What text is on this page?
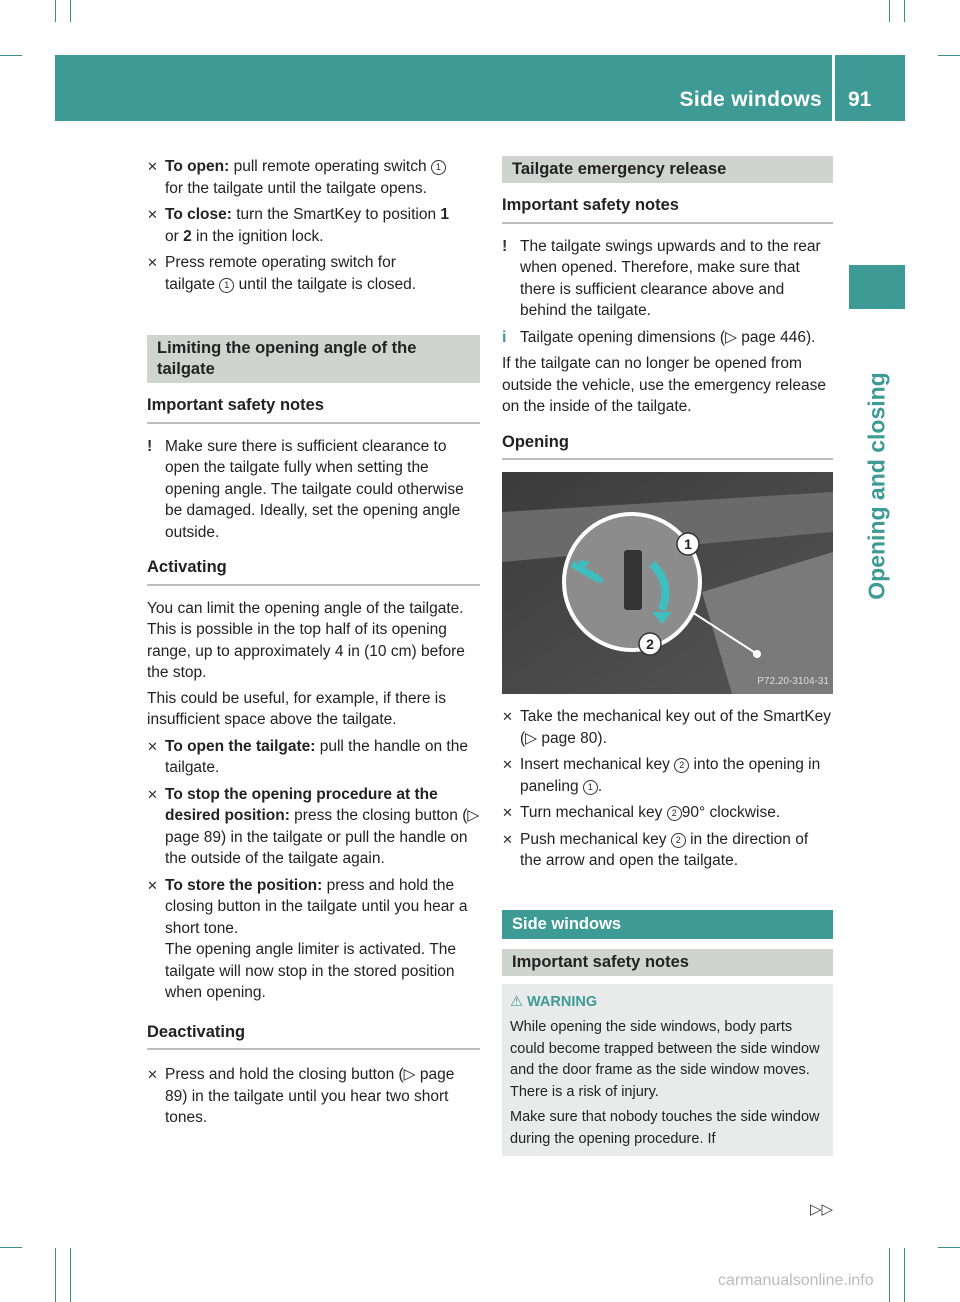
Side windows 91
Opening and closing
✕ To open: pull remote operating switch 1
for the tailgate until the tailgate opens.
✕ To close: turn the SmartKey to position 1
or 2 in the ignition lock.
✕ Press remote operating switch for
tailgate 1 until the tailgate is closed.
Limiting the opening angle of the tailgate
Important safety notes
! Make sure there is sufficient clearance to open the tailgate fully when setting the opening angle. The tailgate could otherwise be damaged. Ideally, set the opening angle outside.
Activating

You can limit the opening angle of the tailgate. This is possible in the top half of its opening range, up to approximately 4 in (10 cm) before the stop.

This could be useful, for example, if there is insufficient space above the tailgate.

✕ To open the tailgate: pull the handle on the tailgate.
✕ To stop the opening procedure at the desired position: press the closing button (▷ page 89) in the tailgate or pull the handle on the outside of the tailgate again.
✕ To store the position: press and hold the closing button in the tailgate until you hear a short tone.
The opening angle limiter is activated. The tailgate will now stop in the stored position when opening.
Deactivating
✕ Press and hold the closing button (▷ page 89) in the tailgate until you hear two short tones.
Tailgate emergency release
Important safety notes
! The tailgate swings upwards and to the rear when opened. Therefore, make sure that there is sufficient clearance above and behind the tailgate.
i Tailgate opening dimensions (▷ page 446).

If the tailgate can no longer be opened from outside the vehicle, use the emergency release on the inside of the tailgate.

Opening
1
2
P72.20-3104-31
✕ Take the mechanical key out of the SmartKey (▷ page 80).
✕ Insert mechanical key 2 into the opening in paneling 1 .
✕ Turn mechanical key 2 90° clockwise.
✕ Push mechanical key 2 in the direction of the arrow and open the tailgate.
Side windows
Important safety notes
⚠ WARNING

While opening the side windows, body parts could become trapped between the side window and the door frame as the side window moves. There is a risk of injury.

Make sure that nobody touches the side window during the opening procedure. If

▷▷
carmanualsonline.info
